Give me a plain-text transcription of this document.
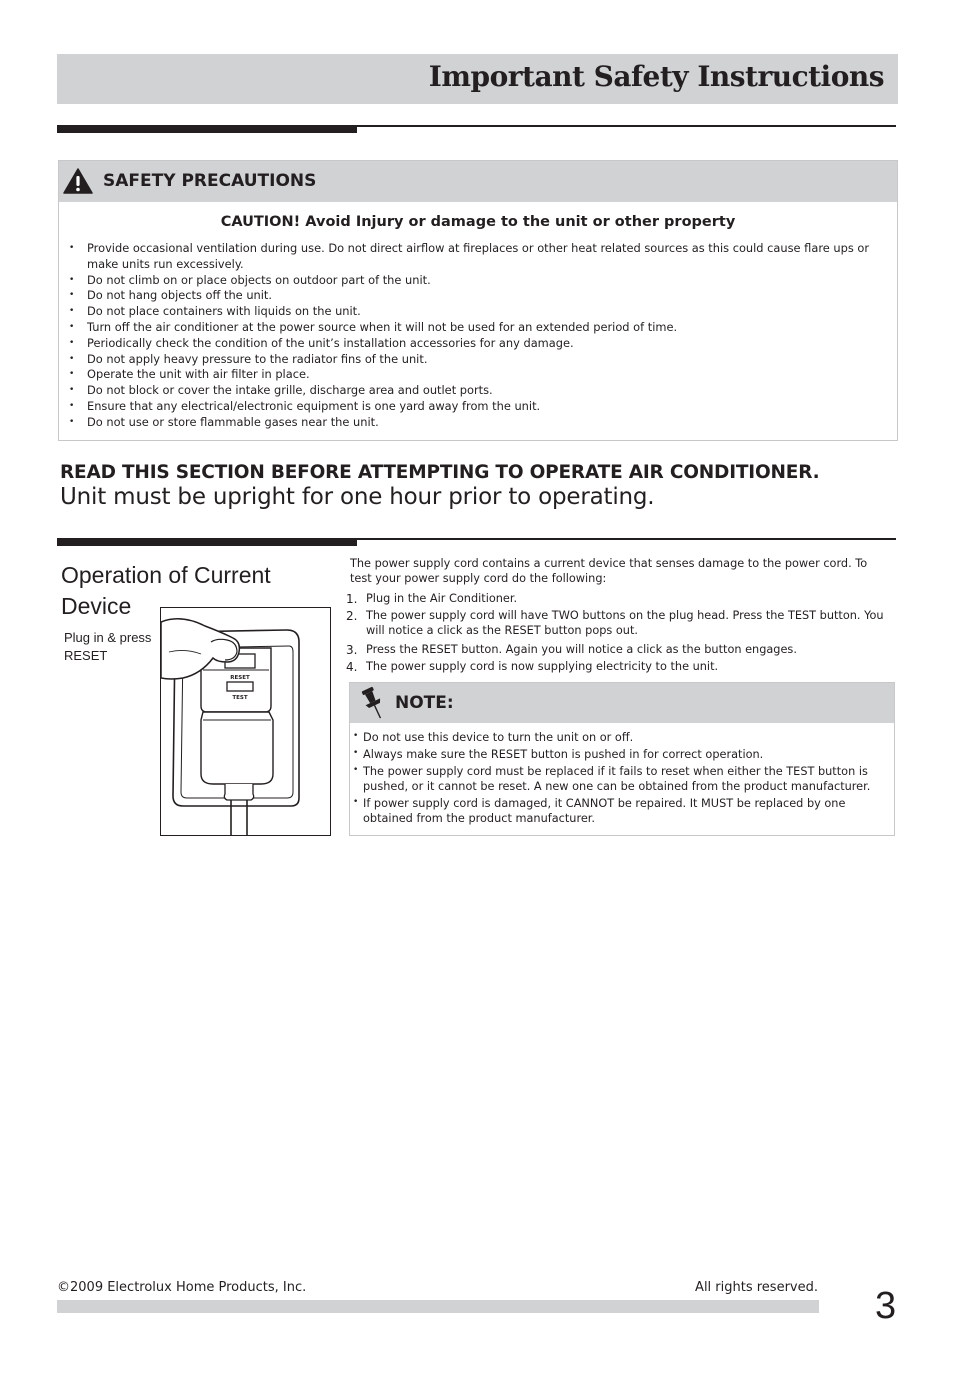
Important Safety Instructions
SAFETY PRECAUTIONS
CAUTION! Avoid Injury or damage to the unit or other property
• Provide occasional ventilation during use. Do not direct airflow at fireplaces or other heat related sources as this could cause flare ups or make units run excessively.
• Do not climb on or place objects on outdoor part of the unit.
• Do not hang objects off the unit.
• Do not place containers with liquids on the unit.
• Turn off the air conditioner at the power source when it will not be used for an extended period of time.
• Periodically check the condition of the unit’s installation accessories for any damage.
• Do not apply heavy pressure to the radiator fins of the unit.
• Operate the unit with air filter in place.
• Do not block or cover the intake grille, discharge area and outlet ports.
• Ensure that any electrical/electronic equipment is one yard away from the unit.
• Do not use or store flammable gases near the unit.
READ THIS SECTION BEFORE ATTEMPTING TO OPERATE AIR CONDITIONER.
Unit must be upright for one hour prior to operating.
Operation of Current Device
Plug in & press RESET
RESET
TEST
The power supply cord contains a current device that senses damage to the power cord. To test your power supply cord do the following:
1. Plug in the Air Conditioner.
2. The power supply cord will have TWO buttons on the plug head. Press the TEST button. You will notice a click as the RESET button pops out.
3. Press the RESET button. Again you will notice a click as the button engages.
4. The power supply cord is now supplying electricity to the unit.
NOTE:
• Do not use this device to turn the unit on or off.
• Always make sure the RESET button is pushed in for correct operation.
• The power supply cord must be replaced if it fails to reset when either the TEST button is pushed, or it cannot be reset. A new one can be obtained from the product manufacturer.
• If power supply cord is damaged, it CANNOT be repaired. It MUST be replaced by one obtained from the product manufacturer.
©2009 Electrolux Home Products, Inc.	All rights reserved. 3
